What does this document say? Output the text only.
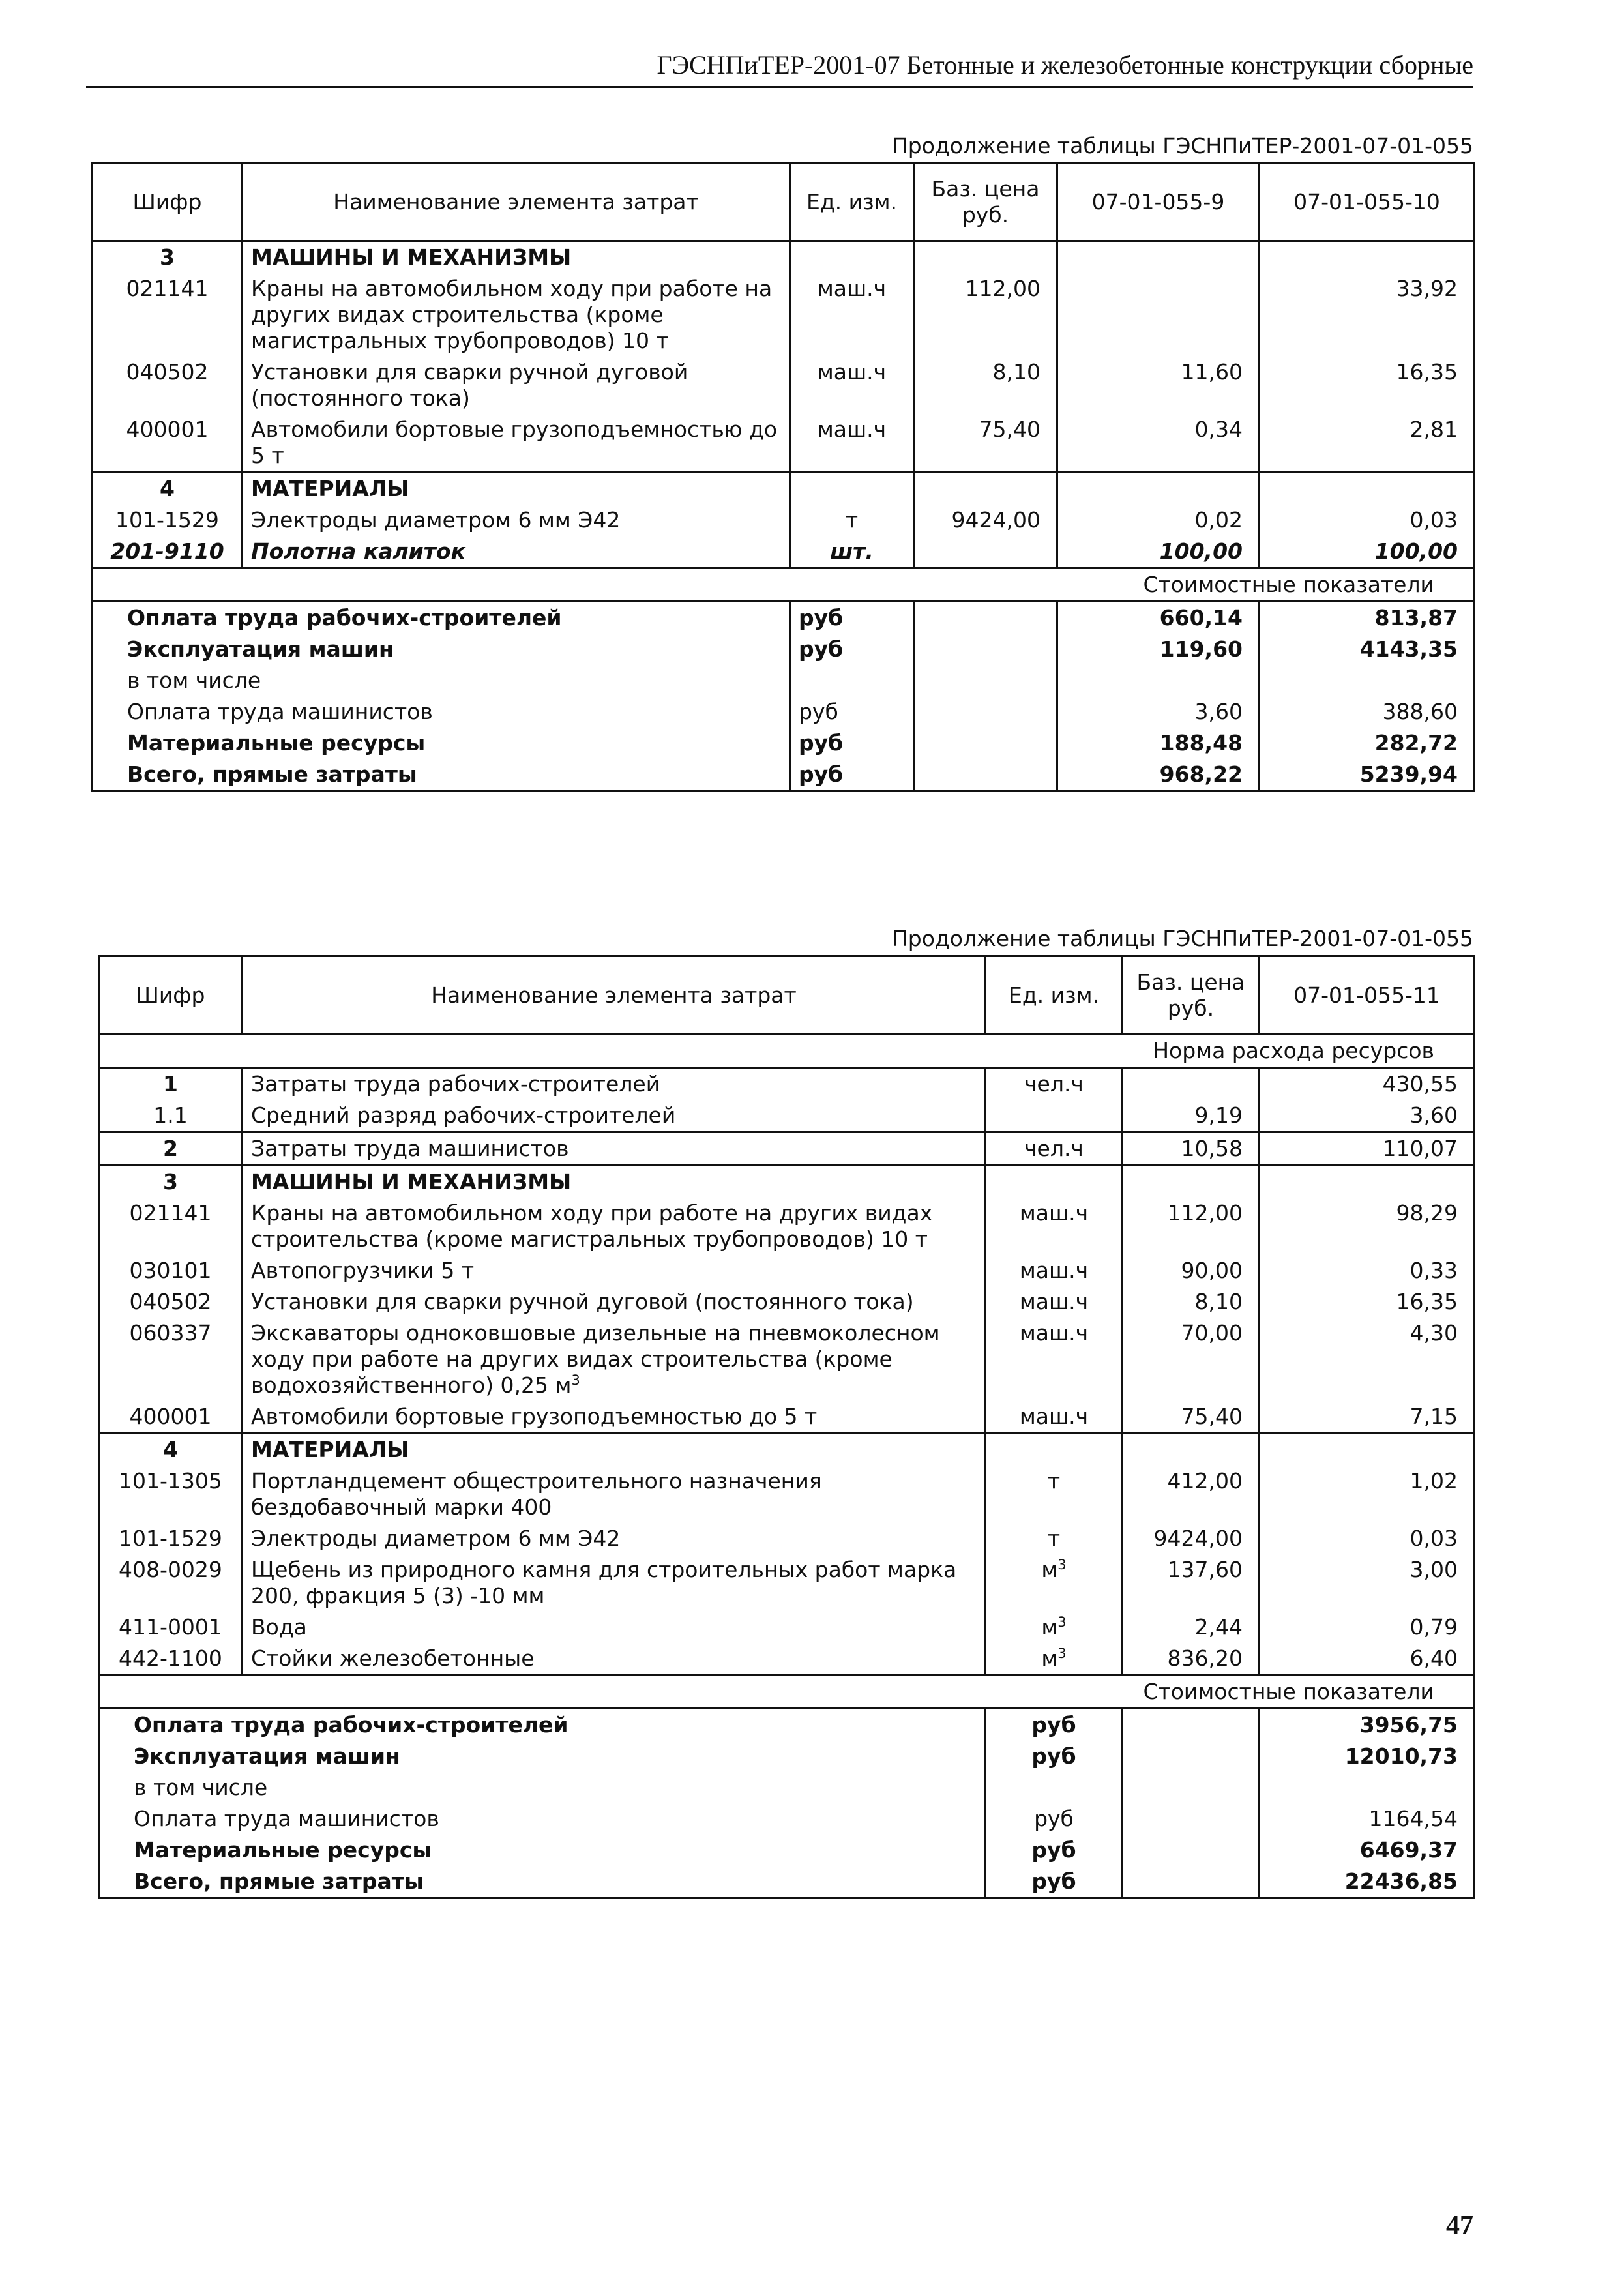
ГЭСНПиТЕР-2001-07 Бетонные и железобетонные конструкции сборные
Продолжение таблицы ГЭСНПиТЕР-2001-07-01-055
Шифр	Наименование элемента затрат	Ед. изм.	Баз. цена руб.	07-01-055-9	07-01-055-10
3	МАШИНЫ И МЕХАНИЗМЫ				
021141	Краны на автомобильном ходу при работе на других видах строительства (кроме магистральных трубопроводов) 10 т	маш.ч	112,00		33,92
040502	Установки для сварки ручной дуговой (постоянного тока)	маш.ч	8,10	11,60	16,35
400001	Автомобили бортовые грузоподъемностью до 5 т	маш.ч	75,40	0,34	2,81
4	МАТЕРИАЛЫ				
101-1529	Электроды диаметром 6 мм Э42	т	9424,00	0,02	0,03
201-9110	Полотна калиток	шт.		100,00	100,00
Стоимостные показатели					
Оплата труда рабочих-строителей		руб		660,14	813,87
Эксплуатация машин		руб		119,60	4143,35
в том числе					
Оплата труда машинистов		руб		3,60	388,60
Материальные ресурсы		руб		188,48	282,72
Всего, прямые затраты		руб		968,22	5239,94
Продолжение таблицы ГЭСНПиТЕР-2001-07-01-055
Шифр	Наименование элемента затрат	Ед. изм.	Баз. цена руб.	07-01-055-11
Норма расхода ресурсов				
1	Затраты труда рабочих-строителей	чел.ч		430,55
1.1	Средний разряд рабочих-строителей		9,19	3,60
2	Затраты труда машинистов	чел.ч	10,58	110,07
3	МАШИНЫ И МЕХАНИЗМЫ			
021141	Краны на автомобильном ходу при работе на других видах строительства (кроме магистральных трубопроводов) 10 т	маш.ч	112,00	98,29
030101	Автопогрузчики 5 т	маш.ч	90,00	0,33
040502	Установки для сварки ручной дуговой (постоянного тока)	маш.ч	8,10	16,35
060337	Экскаваторы одноковшовые дизельные на пневмоколесном ходу при работе на других видах строительства (кроме водохозяйственного) 0,25 $м^3$	маш.ч	70,00	4,30
400001	Автомобили бортовые грузоподъемностью до 5 т	маш.ч	75,40	7,15
4	МАТЕРИАЛЫ			
101-1305	Портландцемент общестроительного назначения бездобавочный марки 400	т	412,00	1,02
101-1529	Электроды диаметром 6 мм Э42	т	9424,00	0,03
408-0029	Щебень из природного камня для строительных работ марка 200, фракция 5 (3) -10 мм	$м^3$	137,60	3,00
411-0001	Вода	$м^3$	2,44	0,79
442-1100	Стойки железобетонные	$м^3$	836,20	6,40
Стоимостные показатели				
Оплата труда рабочих-строителей		руб		3956,75
Эксплуатация машин		руб		12010,73
в том числе				
Оплата труда машинистов		руб		1164,54
Материальные ресурсы		руб		6469,37
Всего, прямые затраты		руб		22436,85
47
